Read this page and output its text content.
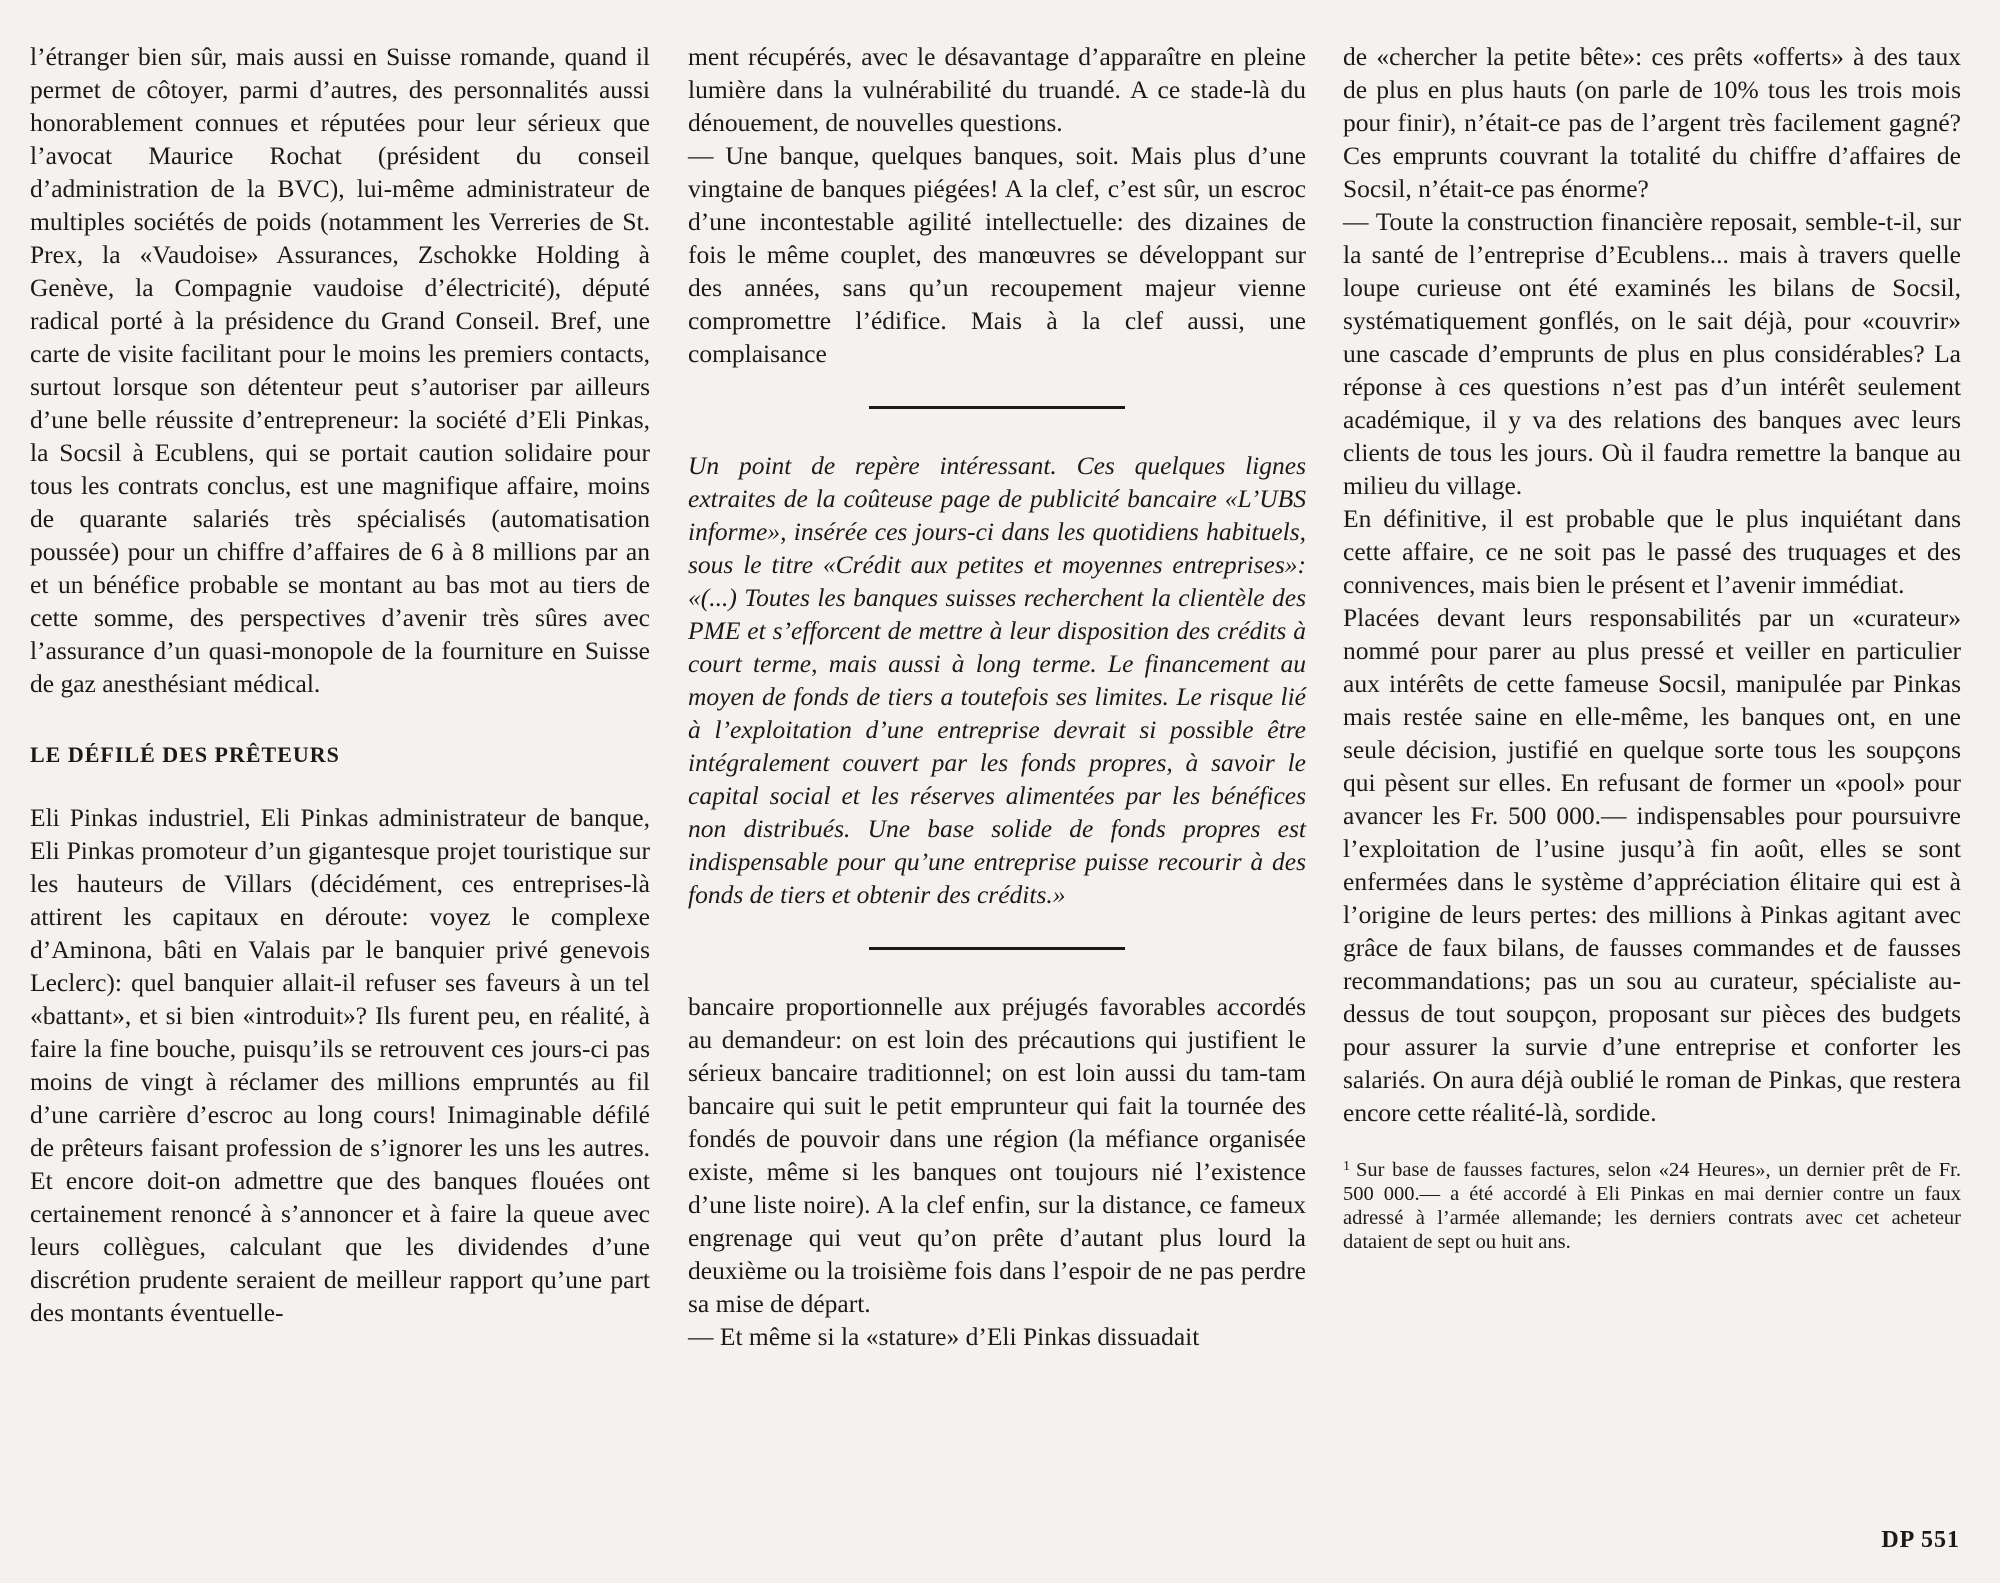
l’étranger bien sûr, mais aussi en Suisse romande, quand il permet de côtoyer, parmi d’autres, des personnalités aussi honorablement connues et réputées pour leur sérieux que l’avocat Maurice Rochat (président du conseil d’administration de la BVC), lui-même administrateur de multiples sociétés de poids (notamment les Verreries de St. Prex, la «Vaudoise» Assurances, Zschokke Holding à Genève, la Compagnie vaudoise d’électricité), député radical porté à la présidence du Grand Conseil. Bref, une carte de visite facilitant pour le moins les premiers contacts, surtout lorsque son détenteur peut s’autoriser par ailleurs d’une belle réussite d’entrepreneur: la société d’Eli Pinkas, la Socsil à Ecublens, qui se portait caution solidaire pour tous les contrats conclus, est une magnifique affaire, moins de quarante salariés très spécialisés (automatisation poussée) pour un chiffre d’affaires de 6 à 8 millions par an et un bénéfice probable se montant au bas mot au tiers de cette somme, des perspectives d’avenir très sûres avec l’assurance d’un quasi-monopole de la fourniture en Suisse de gaz anesthésiant médical.

LE DÉFILÉ DES PRÊTEURS

Eli Pinkas industriel, Eli Pinkas administrateur de banque, Eli Pinkas promoteur d’un gigantesque projet touristique sur les hauteurs de Villars (décidément, ces entreprises-là attirent les capitaux en déroute: voyez le complexe d’Aminona, bâti en Valais par le banquier privé genevois Leclerc): quel banquier allait-il refuser ses faveurs à un tel «battant», et si bien «introduit»? Ils furent peu, en réalité, à faire la fine bouche, puisqu’ils se retrouvent ces jours-ci pas moins de vingt à réclamer des millions empruntés au fil d’une carrière d’escroc au long cours! Inimaginable défilé de prêteurs faisant profession de s’ignorer les uns les autres. Et encore doit-on admettre que des banques flouées ont certainement renoncé à s’annoncer et à faire la queue avec leurs collègues, calculant que les dividendes d’une discrétion prudente seraient de meilleur rapport qu’une part des montants éventuelle-

ment récupérés, avec le désavantage d’apparaître en pleine lumière dans la vulnérabilité du truandé. A ce stade-là du dénouement, de nouvelles questions.

— Une banque, quelques banques, soit. Mais plus d’une vingtaine de banques piégées! A la clef, c’est sûr, un escroc d’une incontestable agilité intellectuelle: des dizaines de fois le même couplet, des manœuvres se développant sur des années, sans qu’un recoupement majeur vienne compromettre l’édifice. Mais à la clef aussi, une complaisance

Un point de repère intéressant. Ces quelques lignes extraites de la coûteuse page de publicité bancaire «L’UBS informe», insérée ces jours-ci dans les quotidiens habituels, sous le titre «Crédit aux petites et moyennes entreprises»: «(...) Toutes les banques suisses recherchent la clientèle des PME et s’efforcent de mettre à leur disposition des crédits à court terme, mais aussi à long terme. Le financement au moyen de fonds de tiers a toutefois ses limites. Le risque lié à l’exploitation d’une entreprise devrait si possible être intégralement couvert par les fonds propres, à savoir le capital social et les réserves alimentées par les bénéfices non distribués. Une base solide de fonds propres est indispensable pour qu’une entreprise puisse recourir à des fonds de tiers et obtenir des crédits.»

bancaire proportionnelle aux préjugés favorables accordés au demandeur: on est loin des précautions qui justifient le sérieux bancaire traditionnel; on est loin aussi du tam-tam bancaire qui suit le petit emprunteur qui fait la tournée des fondés de pouvoir dans une région (la méfiance organisée existe, même si les banques ont toujours nié l’existence d’une liste noire). A la clef enfin, sur la distance, ce fameux engrenage qui veut qu’on prête d’autant plus lourd la deuxième ou la troisième fois dans l’espoir de ne pas perdre sa mise de départ.

— Et même si la «stature» d’Eli Pinkas dissuadait

de «chercher la petite bête»: ces prêts «offerts» à des taux de plus en plus hauts (on parle de 10% tous les trois mois pour finir), n’était-ce pas de l’argent très facilement gagné? Ces emprunts couvrant la totalité du chiffre d’affaires de Socsil, n’était-ce pas énorme?

— Toute la construction financière reposait, semble-t-il, sur la santé de l’entreprise d’Ecublens... mais à travers quelle loupe curieuse ont été examinés les bilans de Socsil, systématiquement gonflés, on le sait déjà, pour «couvrir» une cascade d’emprunts de plus en plus considérables? La réponse à ces questions n’est pas d’un intérêt seulement académique, il y va des relations des banques avec leurs clients de tous les jours. Où il faudra remettre la banque au milieu du village.

En définitive, il est probable que le plus inquiétant dans cette affaire, ce ne soit pas le passé des truquages et des connivences, mais bien le présent et l’avenir immédiat.

Placées devant leurs responsabilités par un «curateur» nommé pour parer au plus pressé et veiller en particulier aux intérêts de cette fameuse Socsil, manipulée par Pinkas mais restée saine en elle-même, les banques ont, en une seule décision, justifié en quelque sorte tous les soupçons qui pèsent sur elles. En refusant de former un «pool» pour avancer les Fr. 500 000.— indispensables pour poursuivre l’exploitation de l’usine jusqu’à fin août, elles se sont enfermées dans le système d’appréciation élitaire qui est à l’origine de leurs pertes: des millions à Pinkas agitant avec grâce de faux bilans, de fausses commandes et de fausses recommandations; pas un sou au curateur, spécialiste au-dessus de tout soupçon, proposant sur pièces des budgets pour assurer la survie d’une entreprise et conforter les salariés. On aura déjà oublié le roman de Pinkas, que restera encore cette réalité-là, sordide.

$^1$ Sur base de fausses factures, selon «24 Heures», un dernier prêt de Fr. 500 000.— a été accordé à Eli Pinkas en mai dernier contre un faux adressé à l’armée allemande; les derniers contrats avec cet acheteur dataient de sept ou huit ans.
DP 551
